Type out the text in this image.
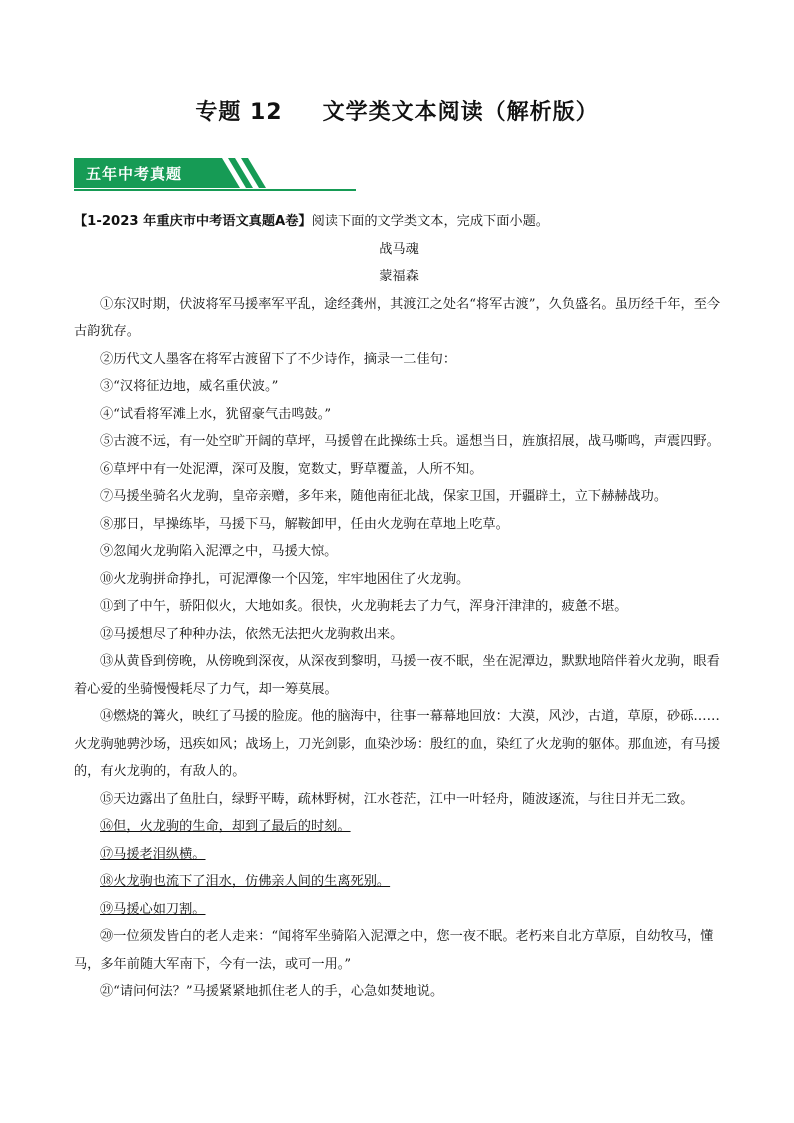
专题 12 文学类文本阅读（解析版）
五年中考真题

【1-2023 年重庆市中考语文真题A卷】阅读下面的文学类文本，完成下面小题。

战马魂

蒙福森

①东汉时期，伏波将军马援率军平乱，途经龚州，其渡江之处名“将军古渡”，久负盛名。虽历经千年，至今古韵犹存。

②历代文人墨客在将军古渡留下了不少诗作，摘录一二佳句：

③“汉将征边地，威名重伏波。”

④“试看将军滩上水，犹留豪气击鸣鼓。”

⑤古渡不远，有一处空旷开阔的草坪，马援曾在此操练士兵。遥想当日，旌旗招展，战马嘶鸣，声震四野。

⑥草坪中有一处泥潭，深可及腹，宽数丈，野草覆盖，人所不知。

⑦马援坐骑名火龙驹，皇帝亲赠，多年来，随他南征北战，保家卫国，开疆辟土，立下赫赫战功。

⑧那日，早操练毕，马援下马，解鞍卸甲，任由火龙驹在草地上吃草。

⑨忽闻火龙驹陷入泥潭之中，马援大惊。

⑩火龙驹拼命挣扎，可泥潭像一个囚笼，牢牢地困住了火龙驹。

⑪到了中午，骄阳似火，大地如炙。很快，火龙驹耗去了力气，浑身汗津津的，疲惫不堪。

⑫马援想尽了种种办法，依然无法把火龙驹救出来。

⑬从黄昏到傍晚，从傍晚到深夜，从深夜到黎明，马援一夜不眠，坐在泥潭边，默默地陪伴着火龙驹，眼看着心爱的坐骑慢慢耗尽了力气，却一筹莫展。

⑭燃烧的篝火，映红了马援的脸庞。他的脑海中，往事一幕幕地回放：大漠，风沙，古道，草原，砂砾……火龙驹驰骋沙场，迅疾如风；战场上，刀光剑影，血染沙场：殷红的血，染红了火龙驹的躯体。那血迹，有马援的，有火龙驹的，有敌人的。

⑮天边露出了鱼肚白，绿野平畴，疏林野树，江水苍茫，江中一叶轻舟，随波逐流，与往日并无二致。

⑯但，火龙驹的生命，却到了最后的时刻。

⑰马援老泪纵横。

⑱火龙驹也流下了泪水，仿佛亲人间的生离死别。

⑲马援心如刀割。

⑳一位须发皆白的老人走来：“闻将军坐骑陷入泥潭之中，您一夜不眠。老朽来自北方草原，自幼牧马，懂马，多年前随大军南下，今有一法，或可一用。”

㉑“请问何法？”马援紧紧地抓住老人的手，心急如焚地说。
